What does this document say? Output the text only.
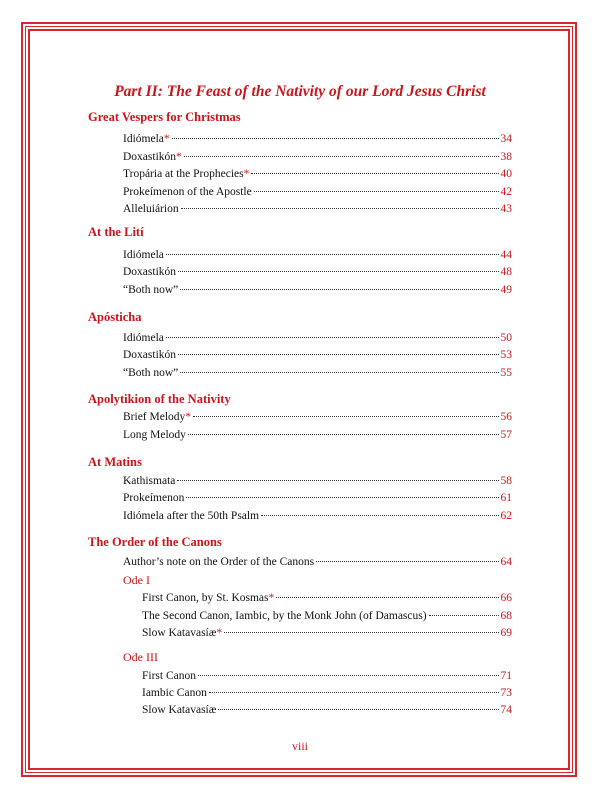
Part II: The Feast of the Nativity of our Lord Jesus Christ
Great Vespers for Christmas
Idiómela*	34
Doxastikón*	38
Tropária at the Prophecies*	40
Prokeímenon of the Apostle	42
Alleluiárion	43
At the Lití
Idiómela	44
Doxastikón	48
“Both now”	49
Apósticha
Idiómela	50
Doxastikón	53
“Both now”	55
Apolytikion of the Nativity
Brief Melody*	56
Long Melody	57
At Matins
Kathismata	58
Prokeímenon	61
Idiómela after the 50th Psalm	62
The Order of the Canons
Author’s note on the Order of the Canons	64
Ode I
First Canon, by St. Kosmas*	66
The Second Canon, Iambic, by the Monk John (of Damascus)	68
Slow Katavasíæ*	69
Ode III
First Canon	71
Iambic Canon	73
Slow Katavasíæ	74
viii
